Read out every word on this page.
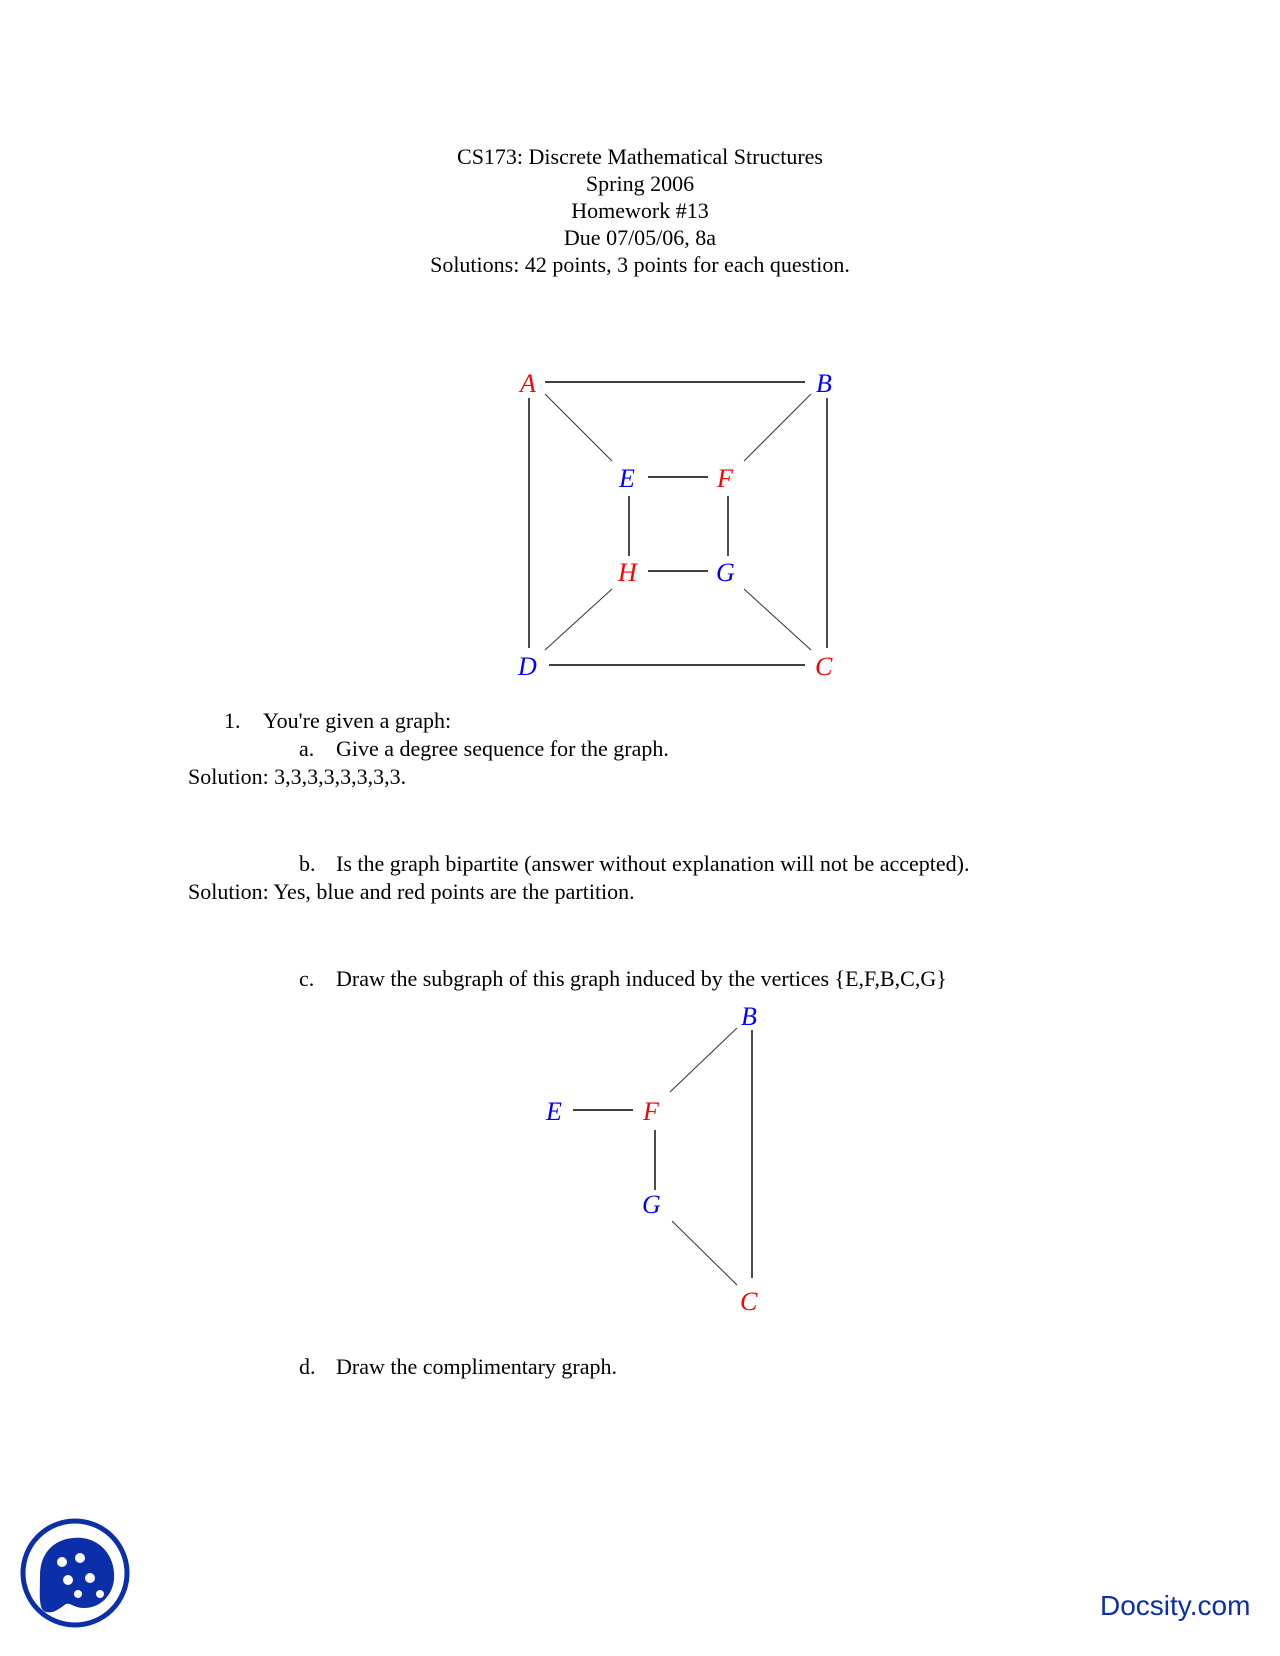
CS173: Discrete Mathematical Structures
Spring 2006
Homework #13
Due 07/05/06, 8a
Solutions: 42 points, 3 points for each question.
A	B
C
D
E	F
G
H
1. You're given a graph:
a. Give a degree sequence for the graph.
Solution: 3,3,3,3,3,3,3,3.
b. Is the graph bipartite (answer without explanation will not be accepted).
Solution: Yes, blue and red points are the partition.
c. Draw the subgraph of this graph induced by the vertices {E,F,B,C,G}
B
E	F
G
C
d. Draw the complimentary graph.
Docsity.com
